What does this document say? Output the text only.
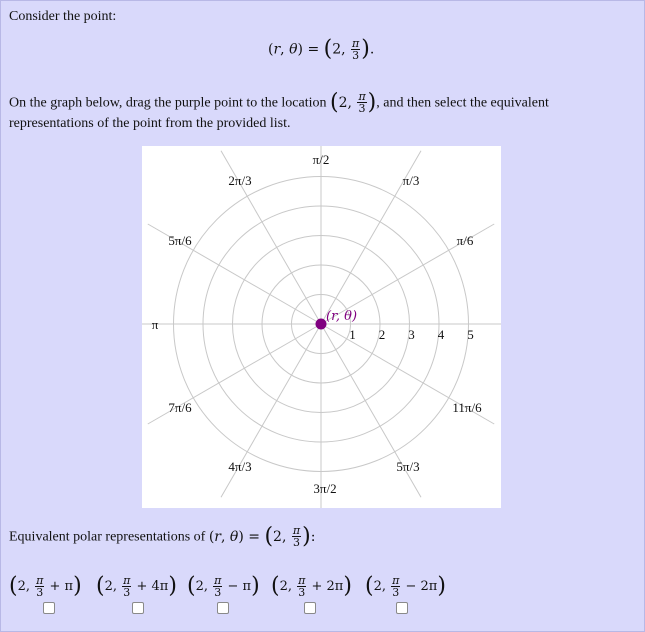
Consider the point:
(r, θ) = (2, $\frac{\pi}{3}$ ).
On the graph below, drag the purple point to the location (2, $\frac{\pi}{3}$ ), and then select the equivalent
representations of the point from the provided list.
π/2
π/3
2π/3
5π/6	π/6
π
7π/6	11π/6
4π/3	5π/3
3π/2
1 2 3 4 5
(r, θ)
Equivalent polar representations of (r, θ) = (2, $\frac{\pi}{3}$ ):
(2, $\frac{\pi}{3} + \pi$) (2, $\frac{\pi}{3} + 4\pi$) (2, $\frac{\pi}{3} - \pi$) (2, $\frac{\pi}{3} + 2\pi$) (2, $\frac{\pi}{3} - 2\pi$)
